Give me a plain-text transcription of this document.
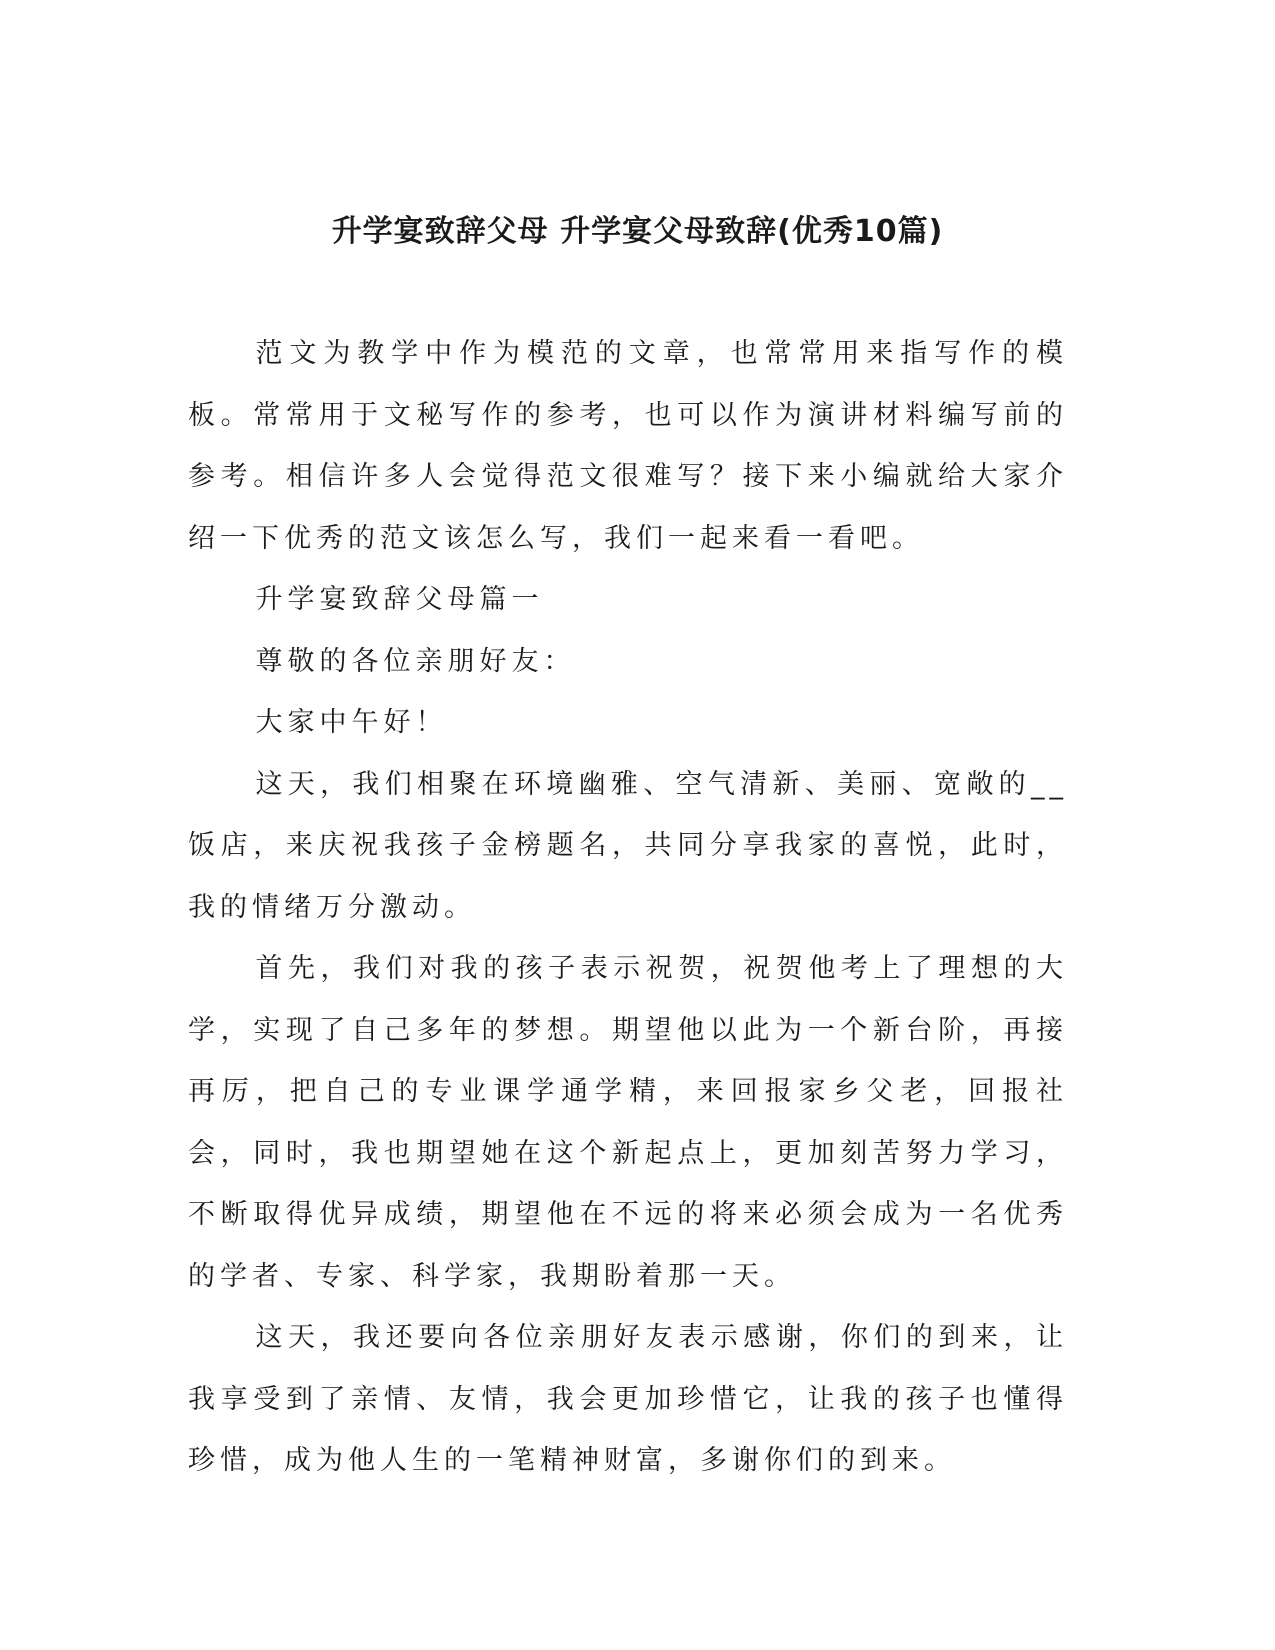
升学宴致辞父母 升学宴父母致辞(优秀10篇)

范文为教学中作为模范的文章，也常常用来指写作的模板。常常用于文秘写作的参考，也可以作为演讲材料编写前的参考。相信许多人会觉得范文很难写？接下来小编就给大家介绍一下优秀的范文该怎么写，我们一起来看一看吧。

升学宴致辞父母篇一

尊敬的各位亲朋好友：

大家中午好！

这天，我们相聚在环境幽雅、空气清新、美丽、宽敞的__饭店，来庆祝我孩子金榜题名，共同分享我家的喜悦，此时，我的情绪万分激动。

首先，我们对我的孩子表示祝贺，祝贺他考上了理想的大学，实现了自己多年的梦想。期望他以此为一个新台阶，再接再厉，把自己的专业课学通学精，来回报家乡父老，回报社会，同时，我也期望她在这个新起点上，更加刻苦努力学习，不断取得优异成绩，期望他在不远的将来必须会成为一名优秀的学者、专家、科学家，我期盼着那一天。

这天，我还要向各位亲朋好友表示感谢，你们的到来，让我享受到了亲情、友情，我会更加珍惜它，让我的孩子也懂得珍惜，成为他人生的一笔精神财富，多谢你们的到来。
